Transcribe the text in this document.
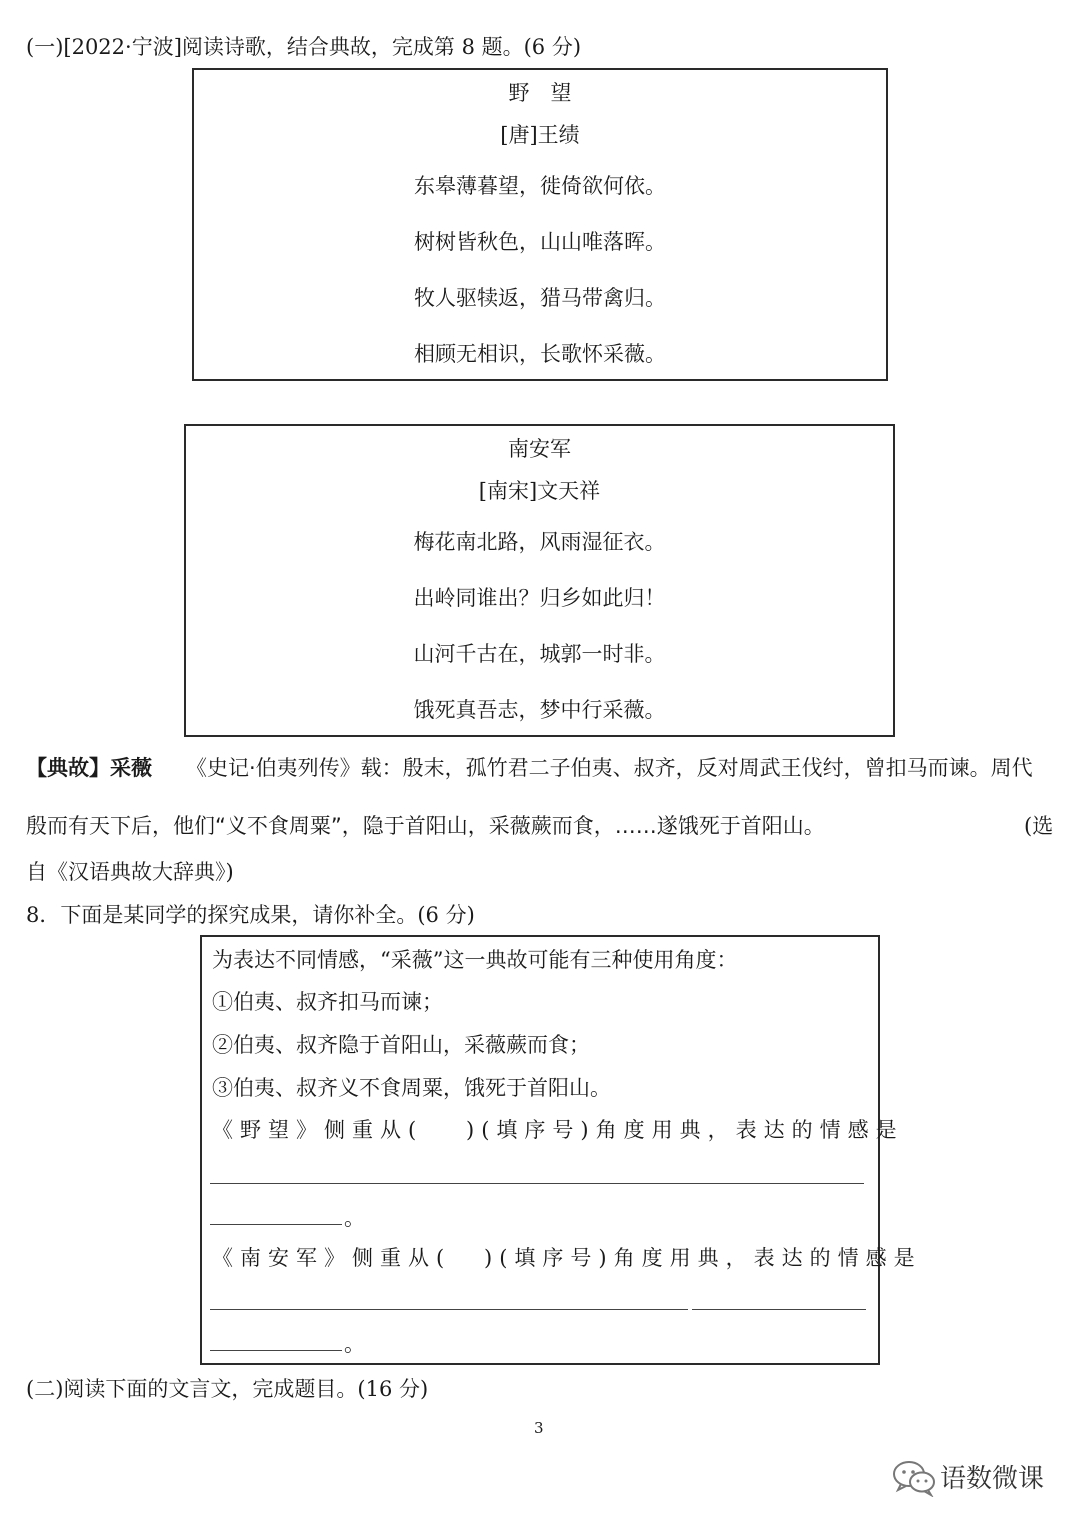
(一)[2022·宁波]阅读诗歌，结合典故，完成第 8 题。(6 分)
野　望
[唐]王绩
东皋薄暮望，徙倚欲何依。
树树皆秋色，山山唯落晖。
牧人驱犊返，猎马带禽归。
相顾无相识，长歌怀采薇。
南安军
[南宋]文天祥
梅花南北路，风雨湿征衣。
出岭同谁出？归乡如此归！
山河千古在，城郭一时非。
饿死真吾志，梦中行采薇。
【典故】采薇 《史记·伯夷列传》载：殷末，孤竹君二子伯夷、叔齐，反对周武王伐纣，曾扣马而谏。周代
殷而有天下后，他们“义不食周粟”，隐于首阳山，采薇蕨而食，……遂饿死于首阳山。	(选
自《汉语典故大辞典》)
8．下面是某同学的探究成果，请你补全。(6 分)
为表达不同情感，“采薇”这一典故可能有三种使用角度：
①伯夷、叔齐扣马而谏；
②伯夷、叔齐隐于首阳山，采薇蕨而食；
③伯夷、叔齐义不食周粟，饿死于首阳山。
《野望》侧重从( )(填序号)角度用典，表达的情感是
。
《南安军》侧重从( )(填序号)角度用典，表达的情感是
。
(二)阅读下面的文言文，完成题目。(16 分)
3
语数微课
